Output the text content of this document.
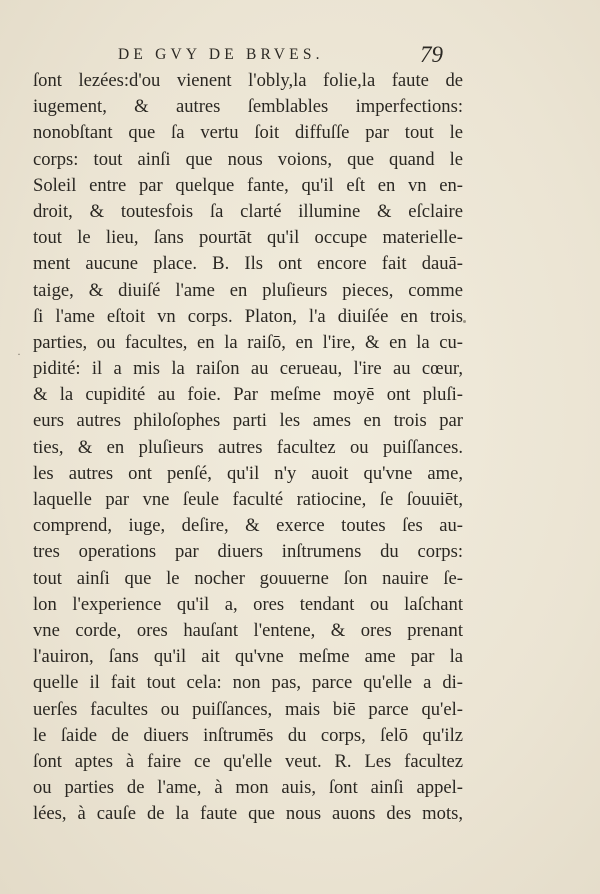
DE GVY DE BRVES.	79
·
ſont lezées:d'ou vienent l'obly,la folie,la faute de
iugement, & autres ſemblables imperfections:
nonobſtant que ſa vertu ſoit diffuſſe par tout le
corps: tout ainſi que nous voions, que quand le
Soleil entre par quelque fante, qu'il eſt en vn en-
droit, & toutesfois ſa clarté illumine & eſclaire
tout le lieu, ſans pourtāt qu'il occupe materielle-
ment aucune place. B. Ils ont encore fait dauā-
taige, & diuiſé l'ame en pluſieurs pieces, comme
ſi l'ame eſtoit vn corps. Platon, l'a diuiſée en trois
parties, ou facultes, en la raiſō, en l'ire, & en la cu-
pidité: il a mis la raiſon au cerueau, l'ire au cœur,
& la cupidité au foie. Par meſme moyē ont pluſi-
eurs autres philoſophes parti les ames en trois par
ties, & en pluſieurs autres facultez ou puiſſances.
les autres ont penſé, qu'il n'y auoit qu'vne ame,
laquelle par vne ſeule faculté ratiocine, ſe ſouuiēt,
comprend, iuge, deſire, & exerce toutes ſes au-
tres operations par diuers inſtrumens du corps:
tout ainſi que le nocher gouuerne ſon nauire ſe-
lon l'experience qu'il a, ores tendant ou laſchant
vne corde, ores hauſant l'entene, & ores prenant
l'auiron, ſans qu'il ait qu'vne meſme ame par la
quelle il fait tout cela: non pas, parce qu'elle a di-
uerſes facultes ou puiſſances, mais biē parce qu'el-
le ſaide de diuers inſtrumēs du corps, ſelō qu'ilz
ſont aptes à faire ce qu'elle veut. R. Les facultez
ou parties de l'ame, à mon auis, ſont ainſi appel-
lées, à cauſe de la faute que nous auons des mots,
